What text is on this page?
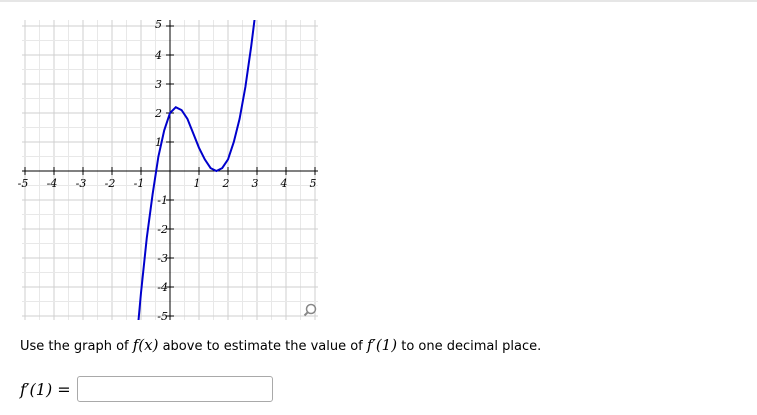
-5 -4 -3 -2 -1	1 2 3 4 5
4
3
2
1
-1
-2
-3
-4
-5
5
Use the graph of f(x) above to estimate the value of f′(1) to one decimal place.
f′(1) =
